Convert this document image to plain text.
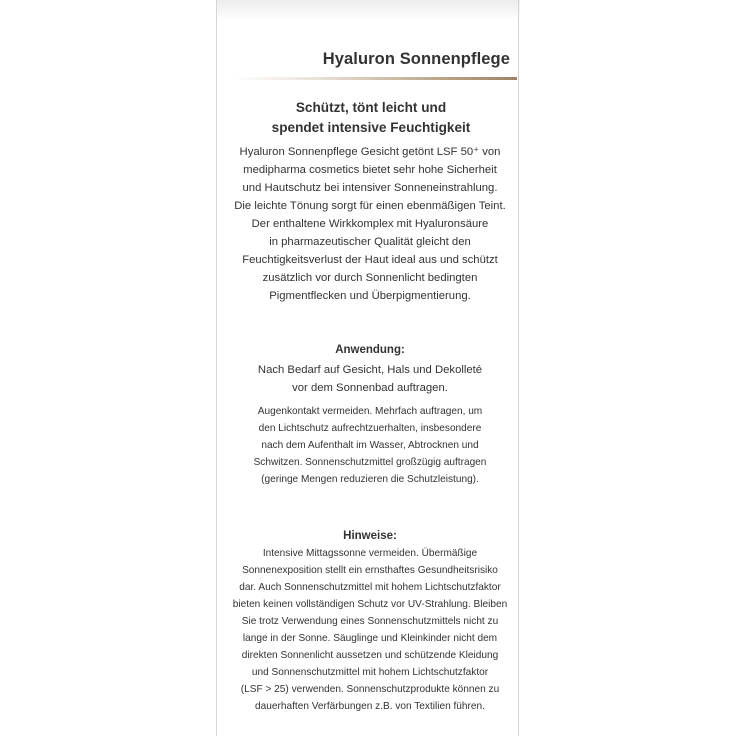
Hyaluron Sonnenpflege
Schützt, tönt leicht und
spendet intensive Feuchtigkeit
Hyaluron Sonnenpflege Gesicht getönt LSF 50⁺ von
medipharma cosmetics bietet sehr hohe Sicherheit
und Hautschutz bei intensiver Sonneneinstrahlung.
Die leichte Tönung sorgt für einen ebenmäßigen Teint.
Der enthaltene Wirkkomplex mit Hyaluronsäure
in pharmazeutischer Qualität gleicht den
Feuchtigkeitsverlust der Haut ideal aus und schützt
zusätzlich vor durch Sonnenlicht bedingten
Pigmentflecken und Überpigmentierung.
Anwendung:
Nach Bedarf auf Gesicht, Hals und Dekolleté
vor dem Sonnenbad auftragen.
Augenkontakt vermeiden. Mehrfach auftragen, um
den Lichtschutz aufrechtzuerhalten, insbesondere
nach dem Aufenthalt im Wasser, Abtrocknen und
Schwitzen. Sonnenschutzmittel großzügig auftragen
(geringe Mengen reduzieren die Schutzleistung).
Hinweise:
Intensive Mittagssonne vermeiden. Übermäßige
Sonnenexposition stellt ein ernsthaftes Gesundheitsrisiko
dar. Auch Sonnenschutzmittel mit hohem Lichtschutzfaktor
bieten keinen vollständigen Schutz vor UV-Strahlung. Bleiben
Sie trotz Verwendung eines Sonnenschutzmittels nicht zu
lange in der Sonne. Säuglinge und Kleinkinder nicht dem
direkten Sonnenlicht aussetzen und schützende Kleidung
und Sonnenschutzmittel mit hohem Lichtschutzfaktor
(LSF > 25) verwenden. Sonnenschutzprodukte können zu
dauerhaften Verfärbungen z.B. von Textilien führen.
